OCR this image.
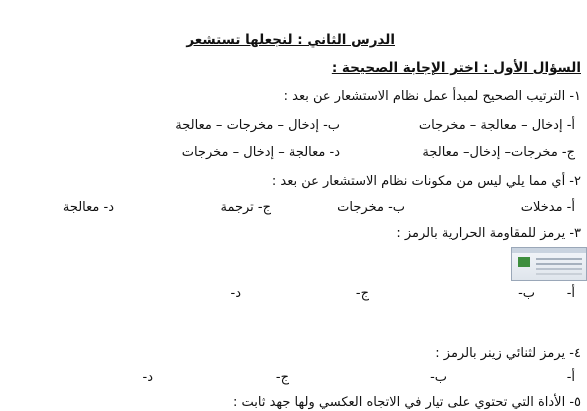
الدرس الثاني : لنجعلها تستشعر
السؤال الأول : اختر الإجابة الصحيحة :
١- الترتيب الصحيح لمبدأ عمل نظام الاستشعار عن بعد :
أ- إدخال – معالجة – مخرجات
ب- إدخال – مخرجات – معالجة
ج- مخرجات– إدخال– معالجة
د- معالجة – إدخال – مخرجات
٢- أي مما يلي ليس من مكونات نظام الاستشعار عن بعد :
أ- مدخلات
ب- مخرجات
ج- ترجمة
د- معالجة
٣- يرمز للمقاومة الحرارية بالرمز :
أ-
ب-
ج-
د-
٤- يرمز لثنائي زينر بالرمز :
أ-
ب-
ج-
د-
٥- الأداة التي تحتوي على تيار في الاتجاه العكسي ولها جهد ثابت :
